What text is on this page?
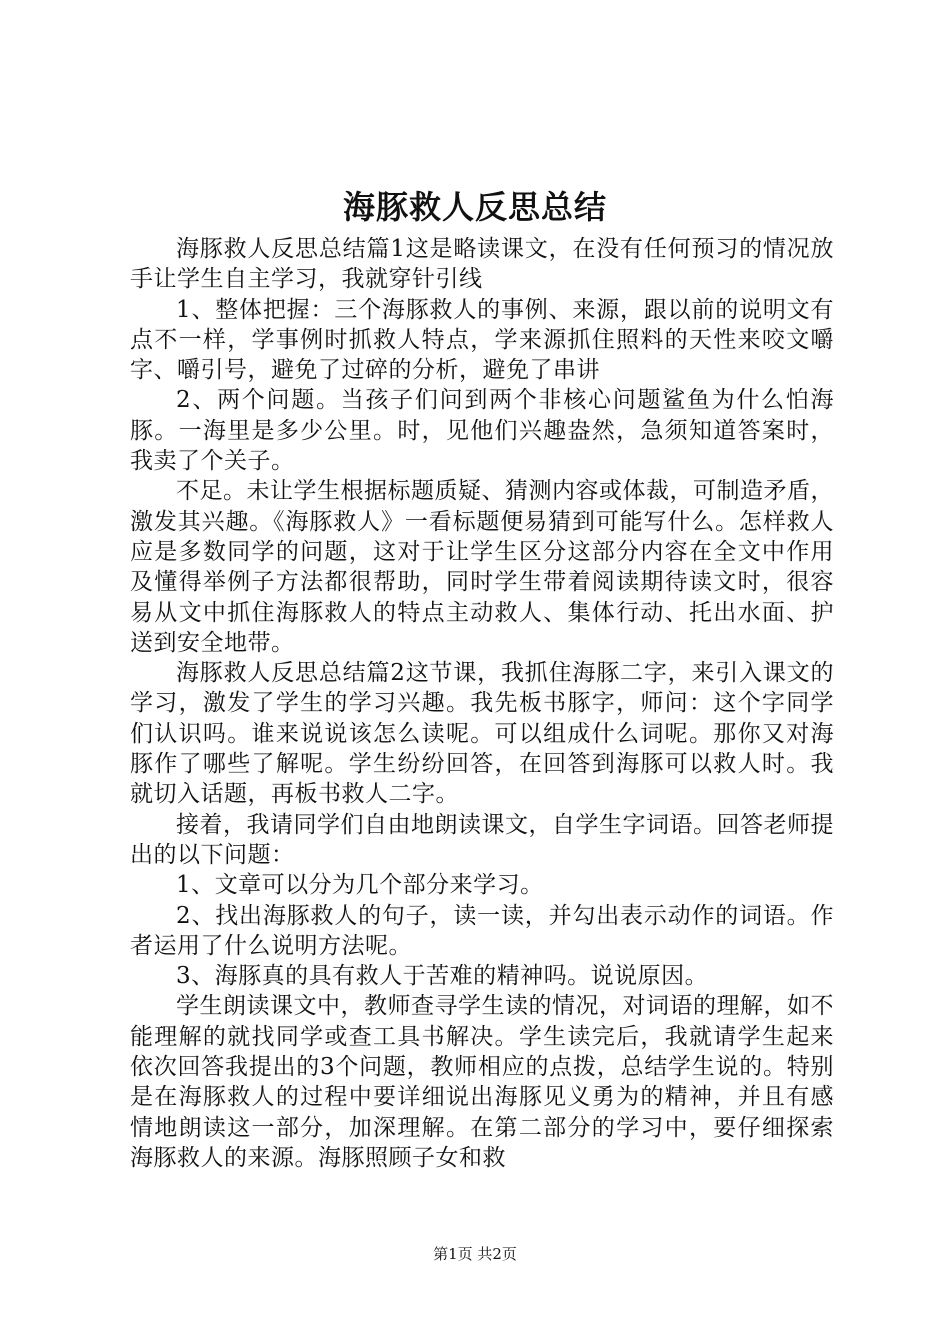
海豚救人反思总结

海豚救人反思总结篇1这是略读课文，在没有任何预习的情况放手让学生自主学习，我就穿针引线

1、整体把握：三个海豚救人的事例、来源，跟以前的说明文有点不一样，学事例时抓救人特点，学来源抓住照料的天性来咬文嚼字、嚼引号，避免了过碎的分析，避免了串讲

2、两个问题。当孩子们问到两个非核心问题鲨鱼为什么怕海豚。一海里是多少公里。时，见他们兴趣盎然，急须知道答案时，我卖了个关子。

不足。未让学生根据标题质疑、猜测内容或体裁，可制造矛盾，激发其兴趣。《海豚救人》一看标题便易猜到可能写什么。怎样救人应是多数同学的问题，这对于让学生区分这部分内容在全文中作用及懂得举例子方法都很帮助，同时学生带着阅读期待读文时，很容易从文中抓住海豚救人的特点主动救人、集体行动、托出水面、护送到安全地带。

海豚救人反思总结篇2这节课，我抓住海豚二字，来引入课文的学习，激发了学生的学习兴趣。我先板书豚字，师问：这个字同学们认识吗。谁来说说该怎么读呢。可以组成什么词呢。那你又对海豚作了哪些了解呢。学生纷纷回答，在回答到海豚可以救人时。我就切入话题，再板书救人二字。

接着，我请同学们自由地朗读课文，自学生字词语。回答老师提出的以下问题：

1、文章可以分为几个部分来学习。

2、找出海豚救人的句子，读一读，并勾出表示动作的词语。作者运用了什么说明方法呢。

3、海豚真的具有救人于苦难的精神吗。说说原因。

学生朗读课文中，教师查寻学生读的情况，对词语的理解，如不能理解的就找同学或查工具书解决。学生读完后，我就请学生起来依次回答我提出的3个问题，教师相应的点拨，总结学生说的。特别是在海豚救人的过程中要详细说出海豚见义勇为的精神，并且有感情地朗读这一部分，加深理解。在第二部分的学习中，要仔细探索海豚救人的来源。海豚照顾子女和救

第1页 共2页
